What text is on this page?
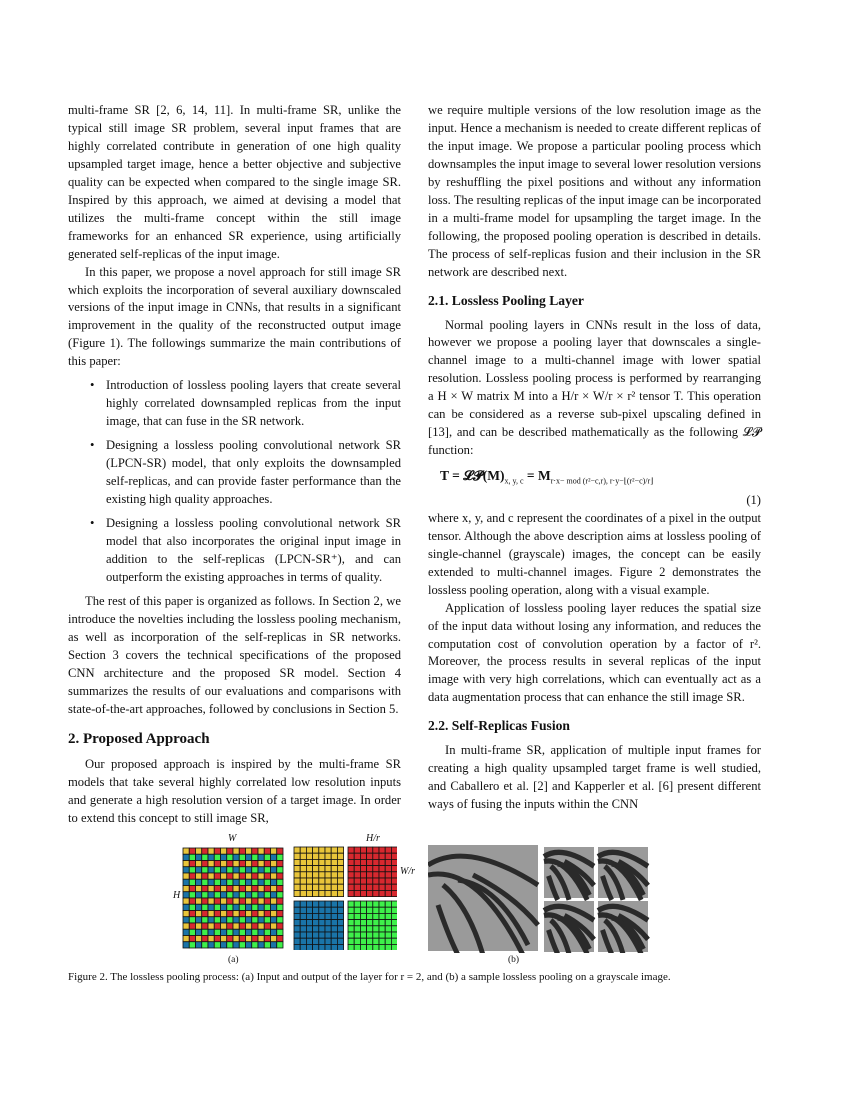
multi-frame SR [2, 6, 14, 11]. In multi-frame SR, unlike the typical still image SR problem, several input frames that are highly correlated contribute in generation of one high quality upsampled target image, hence a better objective and subjective quality can be expected when compared to the single image SR. Inspired by this approach, we aimed at devising a model that utilizes the multi-frame concept within the still image frameworks for an enhanced SR experience, using artificially generated self-replicas of the input image.

In this paper, we propose a novel approach for still image SR which exploits the incorporation of several auxiliary downscaled versions of the input image in CNNs, that results in a significant improvement in the quality of the reconstructed output image (Figure 1). The followings summarize the main contributions of this paper:

• Introduction of lossless pooling layers that create several highly correlated downsampled replicas from the input image, that can fuse in the SR network.
• Designing a lossless pooling convolutional network SR (LPCN-SR) model, that only exploits the downsampled self-replicas, and can provide faster performance than the existing high quality approaches.
• Designing a lossless pooling convolutional network SR model that also incorporates the original input image in addition to the self-replicas (LPCN-SR⁺), and can outperform the existing approaches in terms of quality.

The rest of this paper is organized as follows. In Section 2, we introduce the novelties including the lossless pooling mechanism, as well as incorporation of the self-replicas in SR networks. Section 3 covers the technical specifications of the proposed CNN architecture and the proposed SR model. Section 4 summarizes the results of our evaluations and comparisons with state-of-the-art approaches, followed by conclusions in Section 5.

2. Proposed Approach

Our proposed approach is inspired by the multi-frame SR models that take several highly correlated low resolution inputs and generate a high resolution version of a target image. In order to extend this concept to still image SR,

we require multiple versions of the low resolution image as the input. Hence a mechanism is needed to create different replicas of the input image. We propose a particular pooling process which downsamples the input image to several lower resolution versions by reshuffling the pixel positions and without any information loss. The resulting replicas of the input image can be incorporated in a multi-frame model for upsampling the target image. In the following, the proposed pooling operation is described in details. The process of self-replicas fusion and their inclusion in the SR network are described next.

2.1. Lossless Pooling Layer

Normal pooling layers in CNNs result in the loss of data, however we propose a pooling layer that downscales a single-channel image to a multi-channel image with lower spatial resolution. Lossless pooling process is performed by rearranging a H × W matrix M into a H/r × W/r × r² tensor T. This operation can be considered as a reverse sub-pixel upscaling defined in [13], and can be described mathematically as the following 𝓛𝓟 function:

$T = 𝓛𝓟(M)_{x, y, c} = M_{r\cdot x- mod (r^2-c,r), r\cdot y-⌊(r^2-c)/r⌋}$
(1)

where x, y, and c represent the coordinates of a pixel in the output tensor. Although the above description aims at lossless pooling of single-channel (grayscale) images, the concept can be easily extended to multi-channel images. Figure 2 demonstrates the lossless pooling operation, along with a visual example.

Application of lossless pooling layer reduces the spatial size of the input data without losing any information, and reduces the computation cost of convolution operation by a factor of r². Moreover, the process results in several replicas of the input image with very high correlations, which can eventually act as a data augmentation process that can enhance the still image SR.

2.2. Self-Replicas Fusion

In multi-frame SR, application of multiple input frames for creating a high quality upsampled target frame is well studied, and Caballero et al. [2] and Kapperler et al. [6] present different ways of fusing the inputs within the CNN

W
H
H/r
W/r
(a)	(b)
Figure 2. The lossless pooling process: (a) Input and output of the layer for r = 2, and (b) a sample lossless pooling on a grayscale image.
